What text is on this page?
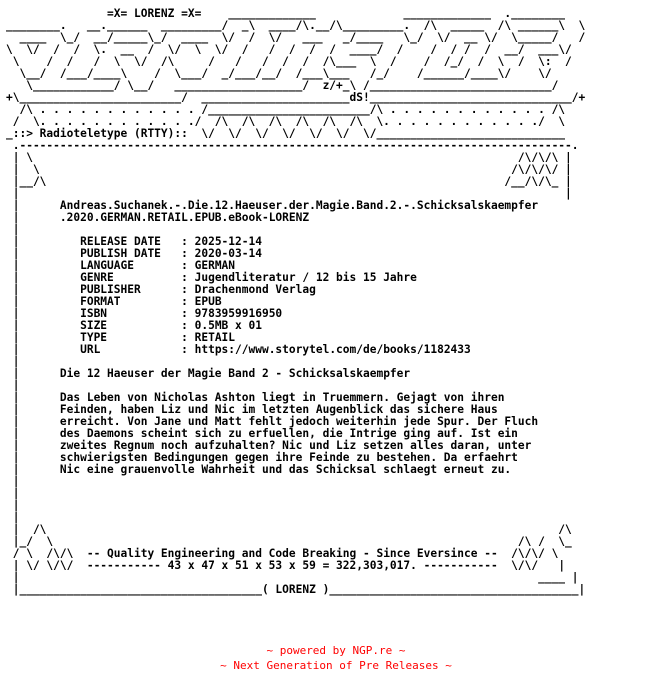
=X= LORENZ =X=    _____________             _____________  .________
________.   __.______  _________/  _\  ____/\.__/\_________.  /\  _____  /\ ______\  \
____  \_/  __/_____\_/  ____  \/  /  \/   ___   _/____   \_/  \/  __ \/  \_____/   /
\  \/  /  /  \.  __  /  \/  \  \/  /   /  /  /  /  ____/  /    /  / /  /  __/  ___\/
\    /  /   /  \  \/  /\     /   /   /  /  /  /\___  \  /    /  /_/  /  \  /  \:  /
\__/  /___/____\    /  \___/  _/___/__/  /___\___   /_/    /______/____\/    \/
\____________/ \__/   ___________________/  z/+_\ /___________________________/
+\________________________/  ______________________dS!______________________________/+
/\ . . . . . . . . . . . . /________________________/\ . . . . . . . . . . . . /\
/  \. . . . . . . . . . . ./  /\  /\  /\  /\  /\  /\  \. . . . . . . . . . . ./  \
_::> Radioteletype (RTTY)::  \/  \/  \/  \/  \/  \/  \/____________________________
.----------------------------------------------------------------------------------.
| \                                                                        /\/\/\ |
|  \                                                                      /\/\/\/ |
|__/\                                                                    /__/\/\_ |
|                                                                                 |
|	Andreas.Suchanek.-.Die.12.Haeuser.der.Magie.Band.2.-.Schicksalskaempfer
|	.2020.GERMAN.RETAIL.EPUB.eBook-LORENZ
|
|	RELEASE DATE   : 2025-12-14
|	PUBLISH DATE   : 2020-03-14
|	LANGUAGE       : GERMAN
|	GENRE          : Jugendliteratur / 12 bis 15 Jahre
|	PUBLISHER      : Drachenmond Verlag
|	FORMAT         : EPUB
|	ISBN           : 9783959916950
|	SIZE           : 0.5MB x 01
|	TYPE           : RETAIL
|	URL            : https://www.storytel.com/de/books/1182433
|
|	Die 12 Haeuser der Magie Band 2 - Schicksalskaempfer
|
|	Das Leben von Nicholas Ashton liegt in Truemmern. Gejagt von ihren
|	Feinden, haben Liz und Nic im letzten Augenblick das sichere Haus
|	erreicht. Von Jane und Matt fehlt jedoch weiterhin jede Spur. Der Fluch
|	des Daemons scheint sich zu erfuellen, die Intrige ging auf. Ist ein
|	zweites Regnum noch aufzuhalten? Nic und Liz setzen alles daran, unter
|	schwierigsten Bedingungen gegen ihre Feinde zu bestehen. Da erfaehrt
|	Nic eine grauenvolle Wahrheit und das Schicksal schlaegt erneut zu.
|
|
|
|
|  /\                                                                            /\
|_/  \                                                                     /\ /  \_
/ \  /\/\  -- Quality Engineering and Code Breaking - Since Eversince --  /\/\/ \
| \/ \/\/  ----------- 43 x 47 x 51 x 53 x 59 = 322,303,017. -----------  \/\/   |
|                                                                             ____ |
|____________________________________( LORENZ )_____________________________________|
~ powered by NGP.re ~
~ Next Generation of Pre Releases ~
